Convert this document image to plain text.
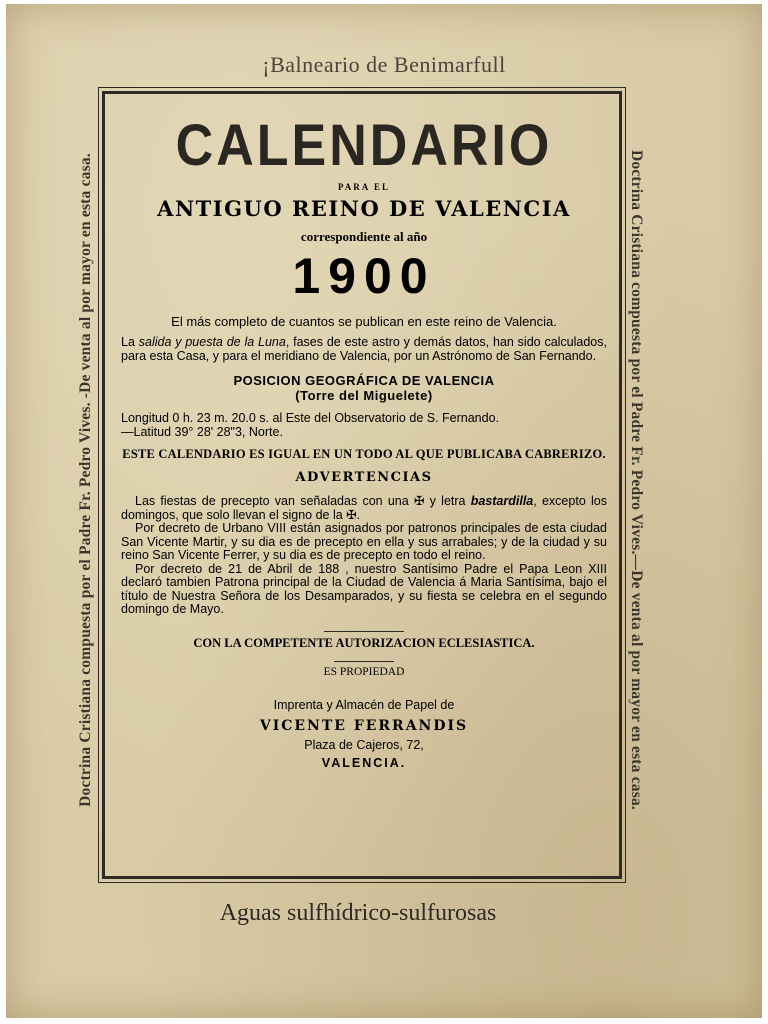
¡Balneario de Benimarfull
Doctrina Cristiana compuesta por el Padre Fr. Pedro Vives. -De venta al por mayor en esta casa.	Doctrina Cristiana compuesta por el Padre Fr. Pedro Vives.—De venta al por mayor en esta casa.
CALENDARIO
PARA EL
ANTIGUO REINO DE VALENCIA
correspondiente al año
1900
El más completo de cuantos se publican en este reino de Valencia.
La salida y puesta de la Luna, fases de este astro y demás datos, han sido calculados, para esta Casa, y para el meridiano de Valencia, por un Astrónomo de San Fernando.
POSICION GEOGRÁFICA DE VALENCIA
(Torre del Miguelete)
Longitud 0 h. 23 m. 20.0 s. al Este del Observatorio de S. Fernando.
—Latitud 39° 28' 28"3, Norte.
ESTE CALENDARIO ES IGUAL EN UN TODO AL QUE PUBLICABA CABRERIZO.
ADVERTENCIAS

Las fiestas de precepto van señaladas con una ✠ y letra bastardilla, excepto los domingos, que solo llevan el signo de la ✠.

Por decreto de Urbano VIII están asignados por patronos principales de esta ciudad San Vicente Martir, y su dia es de precepto en ella y sus arrabales; y de la ciudad y su reino San Vicente Ferrer, y su dia es de precepto en todo el reino.

Por decreto de 21 de Abril de 188 , nuestro Santísimo Padre el Papa Leon XIII declaró tambien Patrona principal de la Ciudad de Valencia á Maria Santísima, bajo el título de Nuestra Señora de los Desamparados, y su fiesta se celebra en el segundo domingo de Mayo.

CON LA COMPETENTE AUTORIZACION ECLESIASTICA.
ES PROPIEDAD
Imprenta y Almacén de Papel de
VICENTE FERRANDIS
Plaza de Cajeros, 72,
VALENCIA.
Aguas sulfhídrico-sulfurosas
